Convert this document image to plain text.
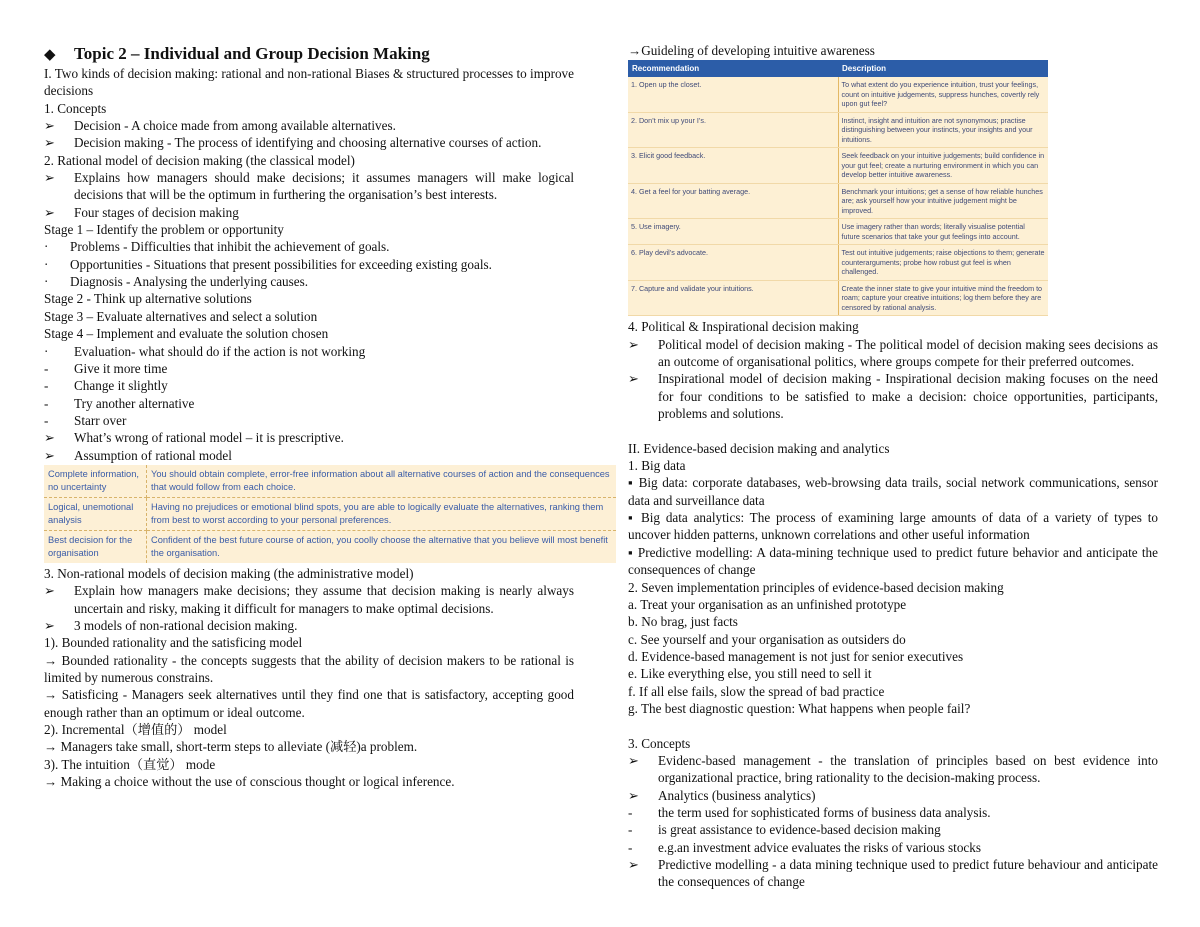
◆ Topic 2 – Individual and Group Decision Making
I. Two kinds of decision making: rational and non-rational Biases & structured processes to improve decisions
1. Concepts
➢	Decision - A choice made from among available alternatives.
➢	Decision making - The process of identifying and choosing alternative courses of action.
2. Rational model of decision making (the classical model)
➢	Explains how managers should make decisions; it assumes managers will make logical decisions that will be the optimum in furthering the organisation’s best interests.
➢	Four stages of decision making
Stage 1 – Identify the problem or opportunity
·	Problems - Difficulties that inhibit the achievement of goals.
·	Opportunities - Situations that present possibilities for exceeding existing goals.
·	Diagnosis - Analysing the underlying causes.
Stage 2 - Think up alternative solutions
Stage 3 – Evaluate alternatives and select a solution
Stage 4 – Implement and evaluate the solution chosen
·	Evaluation- what should do if the action is not working
-	Give it more time
-	Change it slightly
-	Try another alternative
-	Starr over
➢	What’s wrong of rational model – it is prescriptive.
➢	Assumption of rational model
Complete information, no uncertainty	You should obtain complete, error-free information about all alternative courses of action and the consequences that would follow from each choice.
Logical, unemotional analysis	Having no prejudices or emotional blind spots, you are able to logically evaluate the alternatives, ranking them from best to worst according to your personal preferences.
Best decision for the organisation	Confident of the best future course of action, you coolly choose the alternative that you believe will most benefit the organisation.
3. Non-rational models of decision making (the administrative model)
➢	Explain how managers make decisions; they assume that decision making is nearly always uncertain and risky, making it difficult for managers to make optimal decisions.
➢	3 models of non-rational decision making.
1). Bounded rationality and the satisficing model
→ Bounded rationality - the concepts suggests that the ability of decision makers to be rational is limited by numerous constrains.
→ Satisficing - Managers seek alternatives until they find one that is satisfactory, accepting good enough rather than an optimum or ideal outcome.
2). Incremental（增值的） model
→ Managers take small, short-term steps to alleviate (减轻)a problem.
3). The intuition（直觉） mode
→ Making a choice without the use of conscious thought or logical inference.
→Guideling of developing intuitive awareness
Recommendation	Description
1. Open up the closet.	To what extent do you experience intuition, trust your feelings, count on intuitive judgements, suppress hunches, covertly rely upon gut feel?
2. Don’t mix up your I’s.	Instinct, insight and intuition are not synonymous; practise distinguishing between your instincts, your insights and your intuitions.
3. Elicit good feedback.	Seek feedback on your intuitive judgements; build confidence in your gut feel; create a nurturing environment in which you can develop better intuitive awareness.
4. Get a feel for your batting average.	Benchmark your intuitions; get a sense of how reliable hunches are; ask yourself how your intuitive judgement might be improved.
5. Use imagery.	Use imagery rather than words; literally visualise potential future scenarios that take your gut feelings into account.
6. Play devil’s advocate.	Test out intuitive judgements; raise objections to them; generate counterarguments; probe how robust gut feel is when challenged.
7. Capture and validate your intuitions.	Create the inner state to give your intuitive mind the freedom to roam; capture your creative intuitions; log them before they are censored by rational analysis.
4. Political & Inspirational decision making
➢	Political model of decision making - The political model of decision making sees decisions as an outcome of organisational politics, where groups compete for their preferred outcomes.
➢	Inspirational model of decision making - Inspirational decision making focuses on the need for four conditions to be satisfied to make a decision: choice opportunities, participants, problems and solutions.
II. Evidence-based decision making and analytics
1. Big data
▪ Big data: corporate databases, web-browsing data trails, social network communications, sensor data and surveillance data
▪ Big data analytics: The process of examining large amounts of data of a variety of types to uncover hidden patterns, unknown correlations and other useful information
▪ Predictive modelling: A data-mining technique used to predict future behavior and anticipate the consequences of change
2. Seven implementation principles of evidence-based decision making
a. Treat your organisation as an unfinished prototype
b. No brag, just facts
c. See yourself and your organisation as outsiders do
d. Evidence-based management is not just for senior executives
e. Like everything else, you still need to sell it
f. If all else fails, slow the spread of bad practice
g. The best diagnostic question: What happens when people fail?
3. Concepts
➢	Evidenc-based management - the translation of principles based on best evidence into organizational practice, bring rationality to the decision-making process.
➢	Analytics (business analytics)
-	the term used for sophisticated forms of business data analysis.
-	is great assistance to evidence-based decision making
-	e.g.an investment advice evaluates the risks of various stocks
➢	Predictive modelling - a data mining technique used to predict future behaviour and anticipate the consequences of change
